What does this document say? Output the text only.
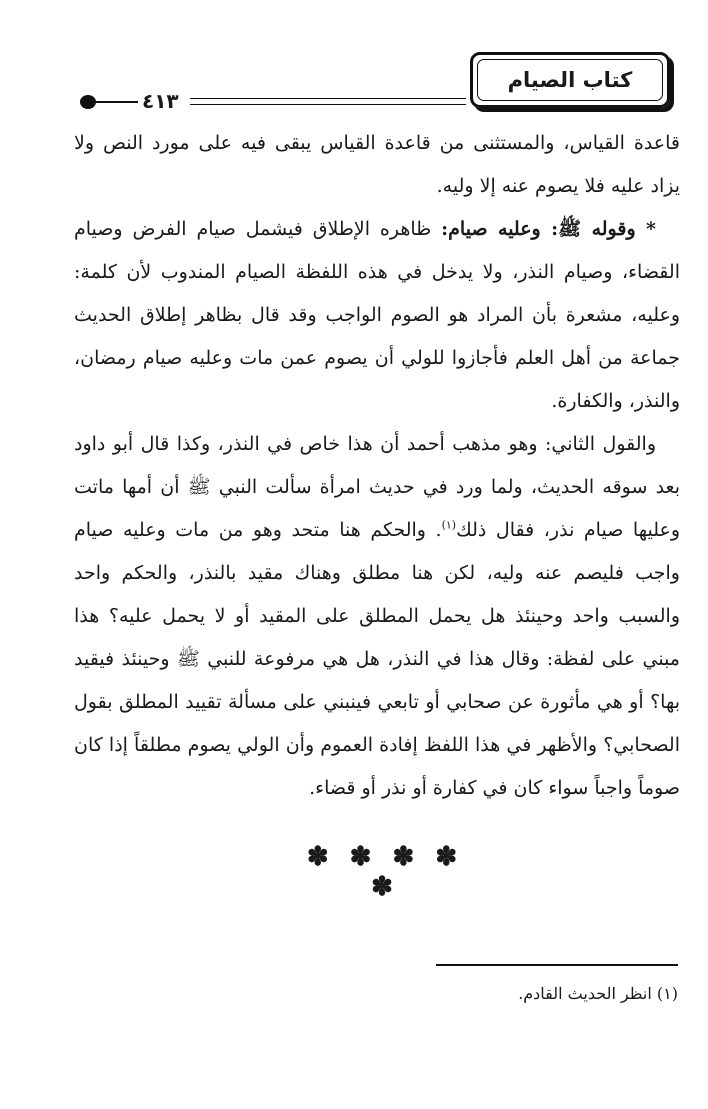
كتاب الصيام
٤١٣

قاعدة القياس، والمستثنى من قاعدة القياس يبقى فيه على مورد النص ولا يزاد عليه فلا يصوم عنه إلا وليه.

* وقوله ﷺ: وعليه صيام: ظاهره الإطلاق فيشمل صيام الفرض وصيام القضاء، وصيام النذر، ولا يدخل في هذه اللفظة الصيام المندوب لأن كلمة: وعليه، مشعرة بأن المراد هو الصوم الواجب وقد قال بظاهر إطلاق الحديث جماعة من أهل العلم فأجازوا للولي أن يصوم عمن مات وعليه صيام رمضان، والنذر، والكفارة.

والقول الثاني: وهو مذهب أحمد أن هذا خاص في النذر، وكذا قال أبو داود بعد سوقه الحديث، ولما ورد في حديث امرأة سألت النبي ﷺ أن أمها ماتت وعليها صيام نذر، فقال ذلك$^{(١)}$. والحكم هنا متحد وهو من مات وعليه صيام واجب فليصم عنه وليه، لكن هنا مطلق وهناك مقيد بالنذر، والحكم واحد والسبب واحد وحينئذ هل يحمل المطلق على المقيد أو لا يحمل عليه؟ هذا مبني على لفظة: وقال هذا في النذر، هل هي مرفوعة للنبي ﷺ وحينئذ فيقيد بها؟ أو هي مأثورة عن صحابي أو تابعي فينبني على مسألة تقييد المطلق بقول الصحابي؟ والأظهر في هذا اللفظ إفادة العموم وأن الولي يصوم مطلقاً إذا كان صوماً واجباً سواء كان في كفارة أو نذر أو قضاء.

✽ ✽ ✽ ✽ ✽
(١) انظر الحديث القادم.
